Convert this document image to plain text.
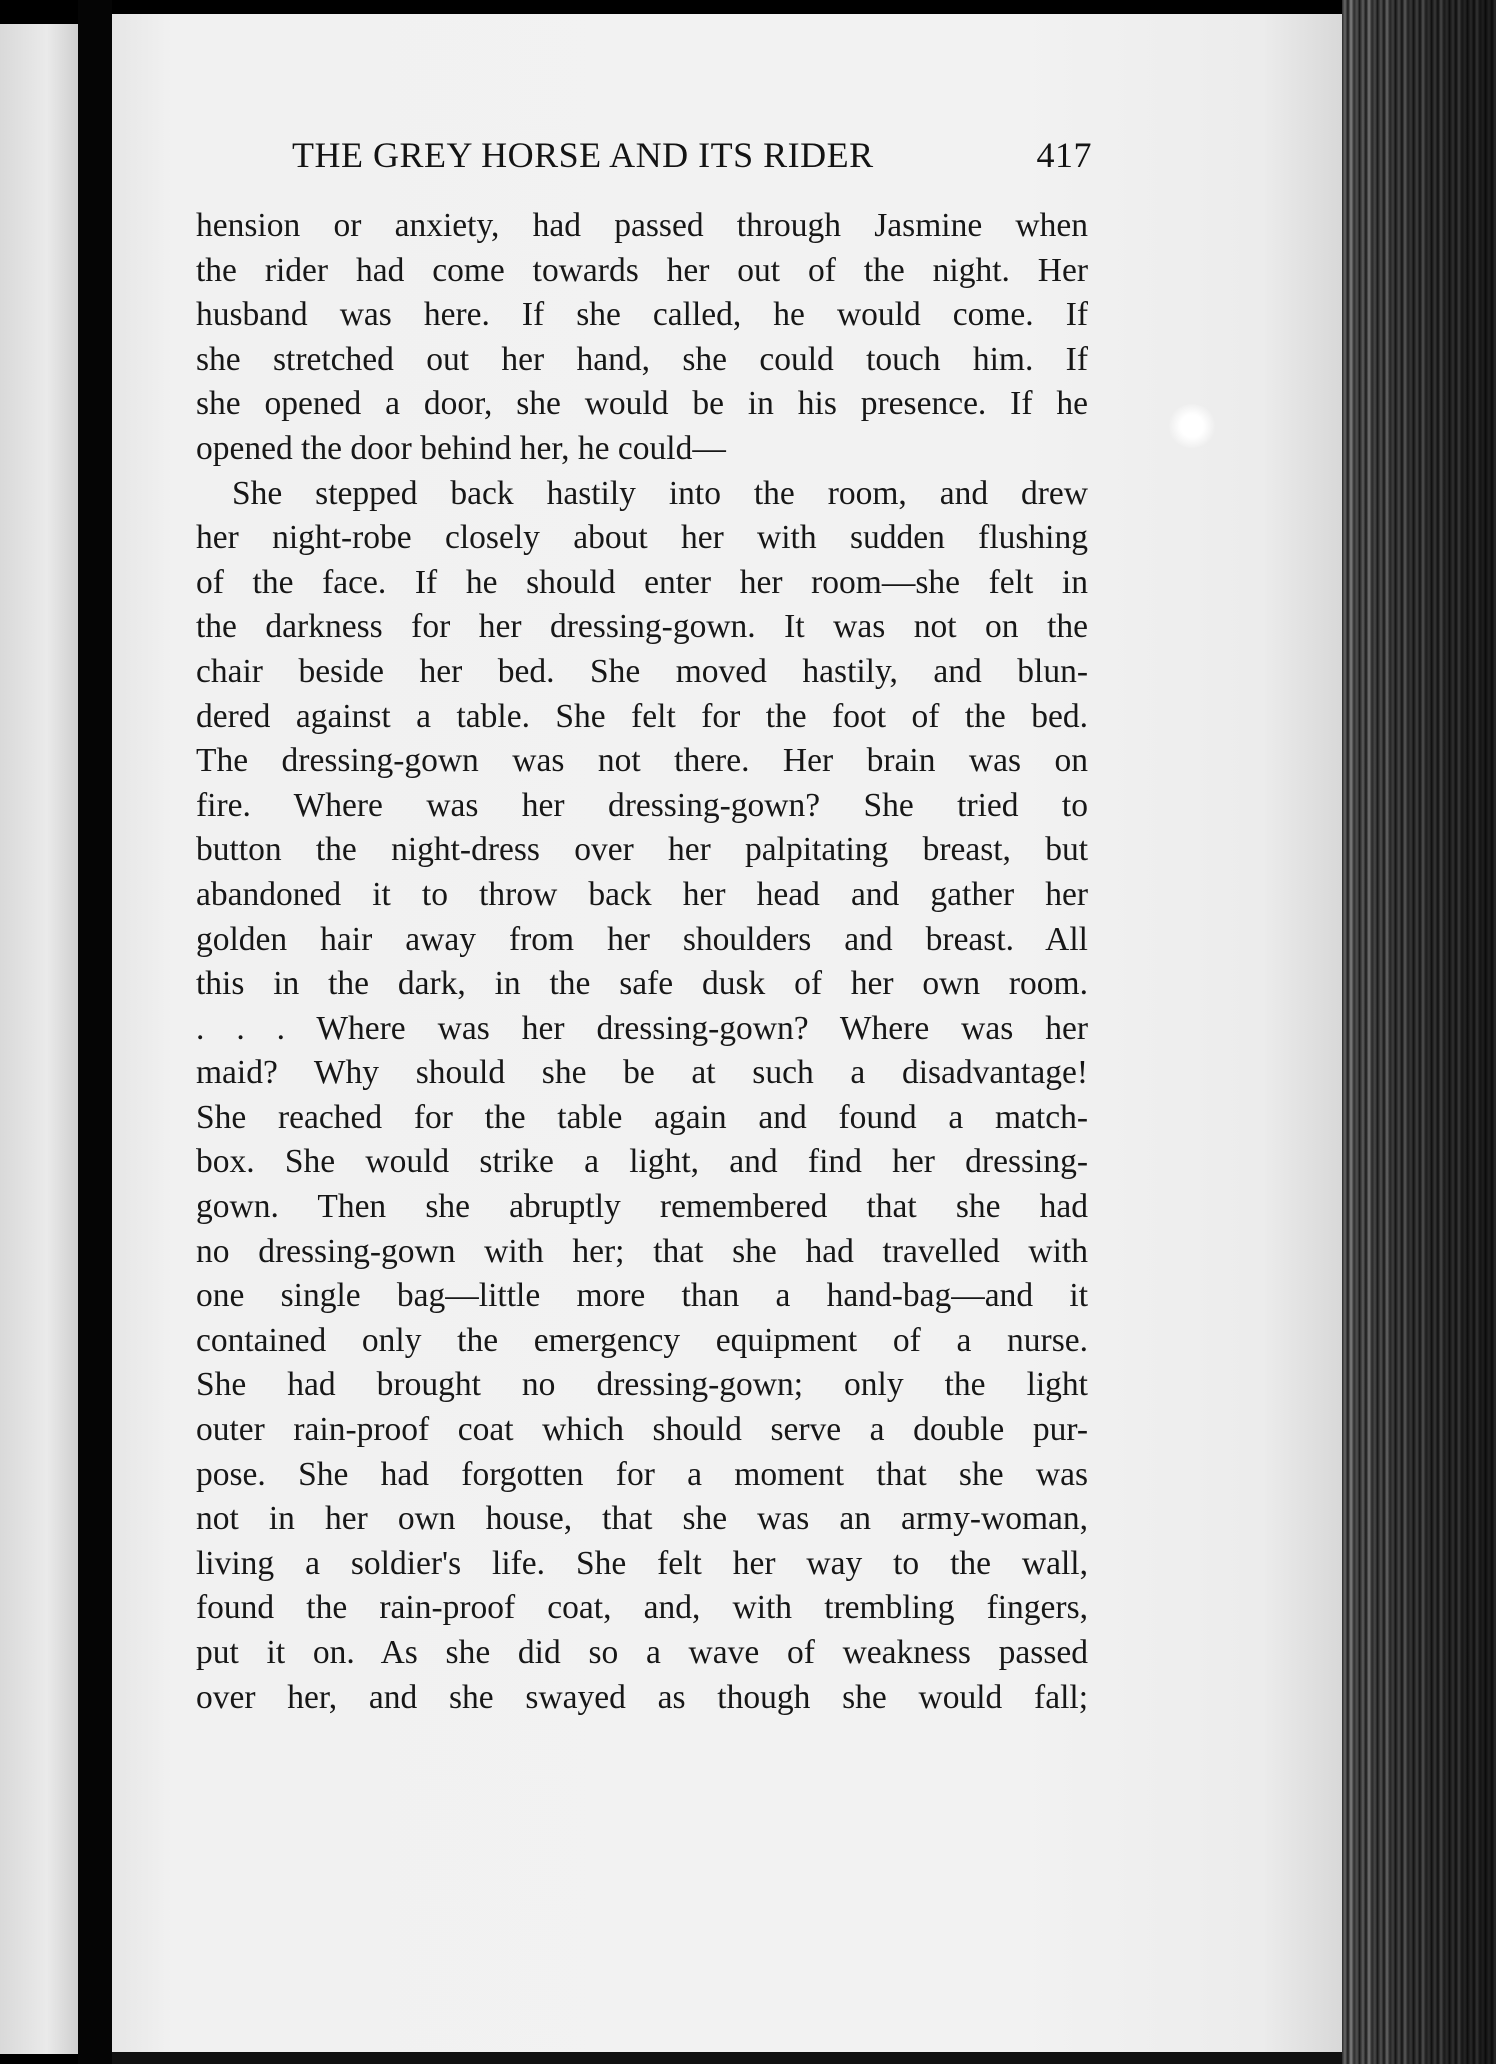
THE GREY HORSE AND ITS RIDER	417
hension or anxiety, had passed through Jasmine when
the rider had come towards her out of the night. Her
husband was here. If she called, he would come. If
she stretched out her hand, she could touch him. If
she opened a door, she would be in his presence. If he
opened the door behind her, he could—
She stepped back hastily into the room, and drew
her night-robe closely about her with sudden flushing
of the face. If he should enter her room—she felt in
the darkness for her dressing-gown. It was not on the
chair beside her bed. She moved hastily, and blun-
dered against a table. She felt for the foot of the bed.
The dressing-gown was not there. Her brain was on
fire. Where was her dressing-gown? She tried to
button the night-dress over her palpitating breast, but
abandoned it to throw back her head and gather her
golden hair away from her shoulders and breast. All
this in the dark, in the safe dusk of her own room.
. . . Where was her dressing-gown? Where was her
maid? Why should she be at such a disadvantage!
She reached for the table again and found a match-
box. She would strike a light, and find her dressing-
gown. Then she abruptly remembered that she had
no dressing-gown with her; that she had travelled with
one single bag—little more than a hand-bag—and it
contained only the emergency equipment of a nurse.
She had brought no dressing-gown; only the light
outer rain-proof coat which should serve a double pur-
pose. She had forgotten for a moment that she was
not in her own house, that she was an army-woman,
living a soldier's life. She felt her way to the wall,
found the rain-proof coat, and, with trembling fingers,
put it on. As she did so a wave of weakness passed
over her, and she swayed as though she would fall;
